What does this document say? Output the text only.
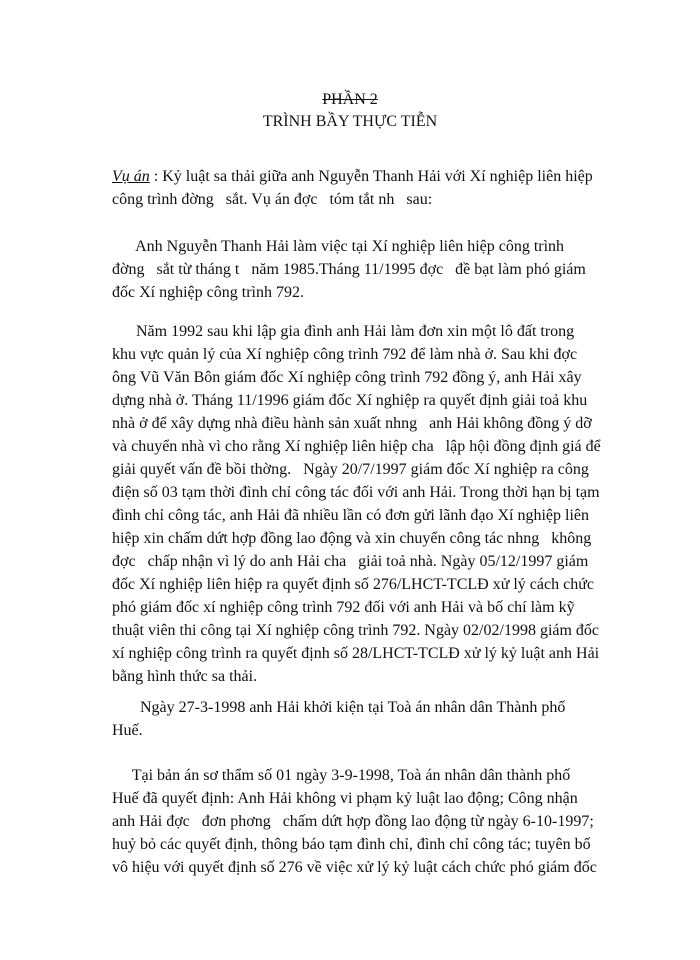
PHẦN 2
TRÌNH BẦY THỰC TIỄN
Vụ án : Kỷ luật sa thải giữa anh Nguyễn Thanh Hải với Xí nghiệp liên hiệp
công trình đờng   sắt. Vụ án đợc   tóm tắt nh   sau:
Anh Nguyễn Thanh Hải làm việc tại Xí nghiệp liên hiệp công trình
đờng   sắt từ tháng t   năm 1985.Tháng 11/1995 đợc   đề bạt làm phó giám
đốc Xí nghiệp công trình 792.
Năm 1992 sau khi lập gia đình anh Hải làm đơn xin một lô đất trong
khu vực quản lý của Xí nghiệp công trình 792 để làm nhà ở. Sau khi đợc
ông Vũ Văn Bôn giám đốc Xí nghiệp công trình 792 đồng ý, anh Hải xây
dựng nhà ở. Tháng 11/1996 giám đốc Xí nghiệp ra quyết định giải toả khu
nhà ở để xây dựng nhà điều hành sản xuất nhng   anh Hải không đồng ý dỡ
và chuyển nhà vì cho rằng Xí nghiệp liên hiệp cha   lập hội đồng định giá để
giải quyết vấn đề bồi thờng.   Ngày 20/7/1997 giám đốc Xí nghiệp ra công
điện số 03 tạm thời đình chỉ công tác đối với anh Hải. Trong thời hạn bị tạm
đình chỉ công tác, anh Hải đã nhiều lần có đơn gửi lãnh đạo Xí nghiệp liên
hiệp xin chấm dứt hợp đồng lao động và xin chuyển công tác nhng   không
đợc   chấp nhận vì lý do anh Hải cha   giải toả nhà. Ngày 05/12/1997 giám
đốc Xí nghiệp liên hiệp ra quyết định số 276/LHCT-TCLĐ xử lý cách chức
phó giám đốc xí nghiệp công trình 792 đối với anh Hải và bố chí làm kỹ
thuật viên thi công tại Xí nghiệp công trình 792. Ngày 02/02/1998 giám đốc
xí nghiệp công trình ra quyết định số 28/LHCT-TCLĐ xử lý kỷ luật anh Hải
bằng hình thức sa thải.
Ngày 27-3-1998 anh Hải khởi kiện tại Toà án nhân dân Thành phố
Huế.
Tại bản án sơ thẩm số 01 ngày 3-9-1998, Toà án nhân dân thành phố
Huế đã quyết định: Anh Hải không vi phạm kỷ luật lao động; Công nhận
anh Hải đợc   đơn phơng   chấm dứt hợp đồng lao động từ ngày 6-10-1997;
huỷ bỏ các quyết định, thông báo tạm đình chỉ, đình chỉ công tác; tuyên bố
vô hiệu với quyết định số 276 về việc xử lý kỷ luật cách chức phó giám đốc
